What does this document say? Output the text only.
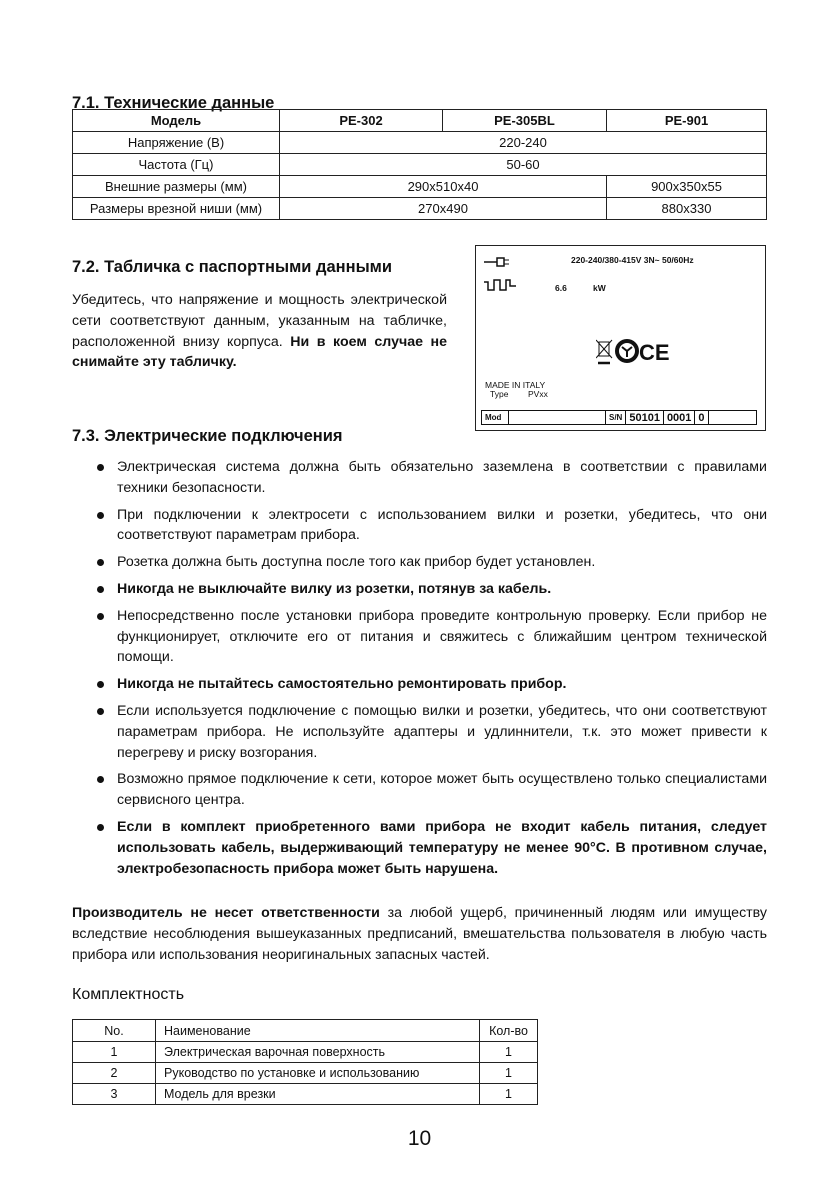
7.1. Технические данные
Модель	PE-302	PE-305BL	PE-901
Напряжение (В)	220-240		
Частота (Гц)	50-60		
Внешние размеры (мм)	290x510x40		900x350x55
Размеры врезной ниши (мм)	270x490		880x330
7.2. Табличка с паспортными данными

Убедитесь, что напряжение и мощность электрической сети соответствуют данным, указанным на табличке, расположенной внизу корпуса. Ни в коем случае не снимайте эту табличку.

220-240/380-415V 3N~ 50/60Hz
6.6	kW
CE
MADE IN ITALY
Type PVxx
Mod	S/N 50101 0001 0
7.3. Электрические подключения
Электрическая система должна быть обязательно заземлена в соответствии с правилами техники безопасности.
При подключении к электросети с использованием вилки и розетки, убедитесь, что они соответствуют параметрам прибора.
Розетка должна быть доступна после того как прибор будет установлен.
Никогда не выключайте вилку из розетки, потянув за кабель.
Непосредственно после установки прибора проведите контрольную проверку. Если прибор не функционирует, отключите его от питания и свяжитесь с ближайшим центром технической помощи.
Никогда не пытайтесь самостоятельно ремонтировать прибор.
Если используется подключение с помощью вилки и розетки, убедитесь, что они соответствуют параметрам прибора. Не используйте адаптеры и удлиннители, т.к. это может привести к перегреву и риску возгорания.
Возможно прямое подключение к сети, которое может быть осуществлено только специалистами сервисного центра.
Если в комплект приобретенного вами прибора не входит кабель питания, следует использовать кабель, выдерживающий температуру не менее 90°С. В противном случае, электробезопасность прибора может быть нарушена.

Производитель не несет ответственности за любой ущерб, причиненный людям или имуществу вследствие несоблюдения вышеуказанных предписаний, вмешательства пользователя в любую часть прибора или использования неоригинальных запасных частей.

Комплектность
No.	Наименование	Кол-во
1	Электрическая варочная поверхность	1
2	Руководство по установке и использованию	1
3	Модель для врезки	1
10
